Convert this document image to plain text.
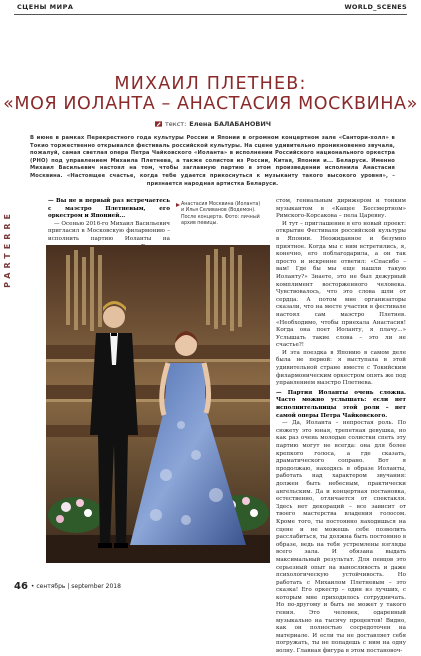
СЦЕНЫ МИРА	WORLD_SCENES
PARTERRE
МИХАИЛ ПЛЕТНЕВ:
«МОЯ ИОЛАНТА – АНАСТАСИЯ МОСКВИНА»
текст: Елена БАЛАБАНОВИЧ
В июне в рамках Перекрестного года культуры России и Японии в огромном концертном зале «Сантори-холл» в Токио торжественно открывался фестиваль российской культуры. На сцене удивительно проникновенно звучала, пожалуй, самая светлая опера Петра Чайковского «Иоланта» в исполнении Российского национального оркестра (РНО) под управлением Михаила Плетнева, а также солистов из России, Китая, Японии и... Беларуси. Именно Михаил Васильевич настоял на том, чтобы заглавную партию в этом произведении исполнила Анастасия Москвина. «Настоящее счастье, когда тебе удается прикоснуться к музыканту такого высокого уровня», – признается народная артистка Беларуси.

— Вы не в первый раз встречаетесь с маэстро Плетневым, его оркестром и Японией...

— Осенью 2016-го Михаил Васильевич пригласил в Московскую филармонию – исполнить партию Иоланты на

Анастасия Москвина (Иоланта) и Илья Селиванов (Водемон). После концерта. Фото: личный архив певицы.

стом, гениальным дирижером и тонким музыкантом в «Кащее Бессмертном» Римского-Корсакова – пела Царевну.

И тут – приглашение в его новый проект: открытие Фестиваля российской культуры в Японии. Неожиданное и безумно приятное. Когда мы с ним встретились, я, конечно, его поблагодарила, а он так просто и искренне ответил: «Спасибо – вам! Где бы мы еще нашли такую Иоланту?» Знаете, это не был дежурный комплимент восторженного человека. Чувствовалось, что это слова шли от сердца. А потом мне организаторы сказали, что на месте участия в фестивале настоял сам маэстро Плетнев. «Необходимо, чтобы приехала Анастасия! Когда она поет Иоланту, я плачу...» Услышать такие слова – это ли не счастье?!

И эта поездка в Японию в самом деле была не первой: я выступала в этой удивительной стране вместе с Токийским филармоническим оркестром опять же под управлением маэстро Плетнева.

— Партия Иоланты очень сложна. Часто можно услышать: если нет исполнительницы этой роли – нет самой оперы Петра Чайковского.

— Да, Иоланта – непростая роль. По сюжету это юная, трепетная девушка, но как раз очень молодые солистки спеть эту партию могут не всегда: она для более крепкого голоса, а где сказать, драматического сопрано. Вот я продолжаю, находясь в образе Иоланты, работать над характером звучания: должен быть небесным, практически ангельским. Да и концертная постановка, естественно, отличается от спектакля. Здесь нет декораций – все зависит от твоего мастерства владения голосом. Кроме того, ты постоянно находишься на сцене и не можешь себе позволить расслабиться, ты должна быть постоянно в образе, ведь на тебя устремлены взгляды всего зала. И обязана выдать максимальный результат. Для певцов это серьезный опыт на выносливость и даже психологическую устойчивость. Но работать с Михаилом Плетневым – это сказка! Его оркестр – один из лучших, с которым мне приходилось сотрудничать. Но по-другому и быть не может у такого гения. Это человек, одаренный музыкально на тысячу процентов! Видно, как он полностью сосредоточен на материале. И если ты не доставляет себя погружать, ты не попадешь с ним на одну волну. Главная фигура в этом постановоч-

46 • сентябрь | september 2018
